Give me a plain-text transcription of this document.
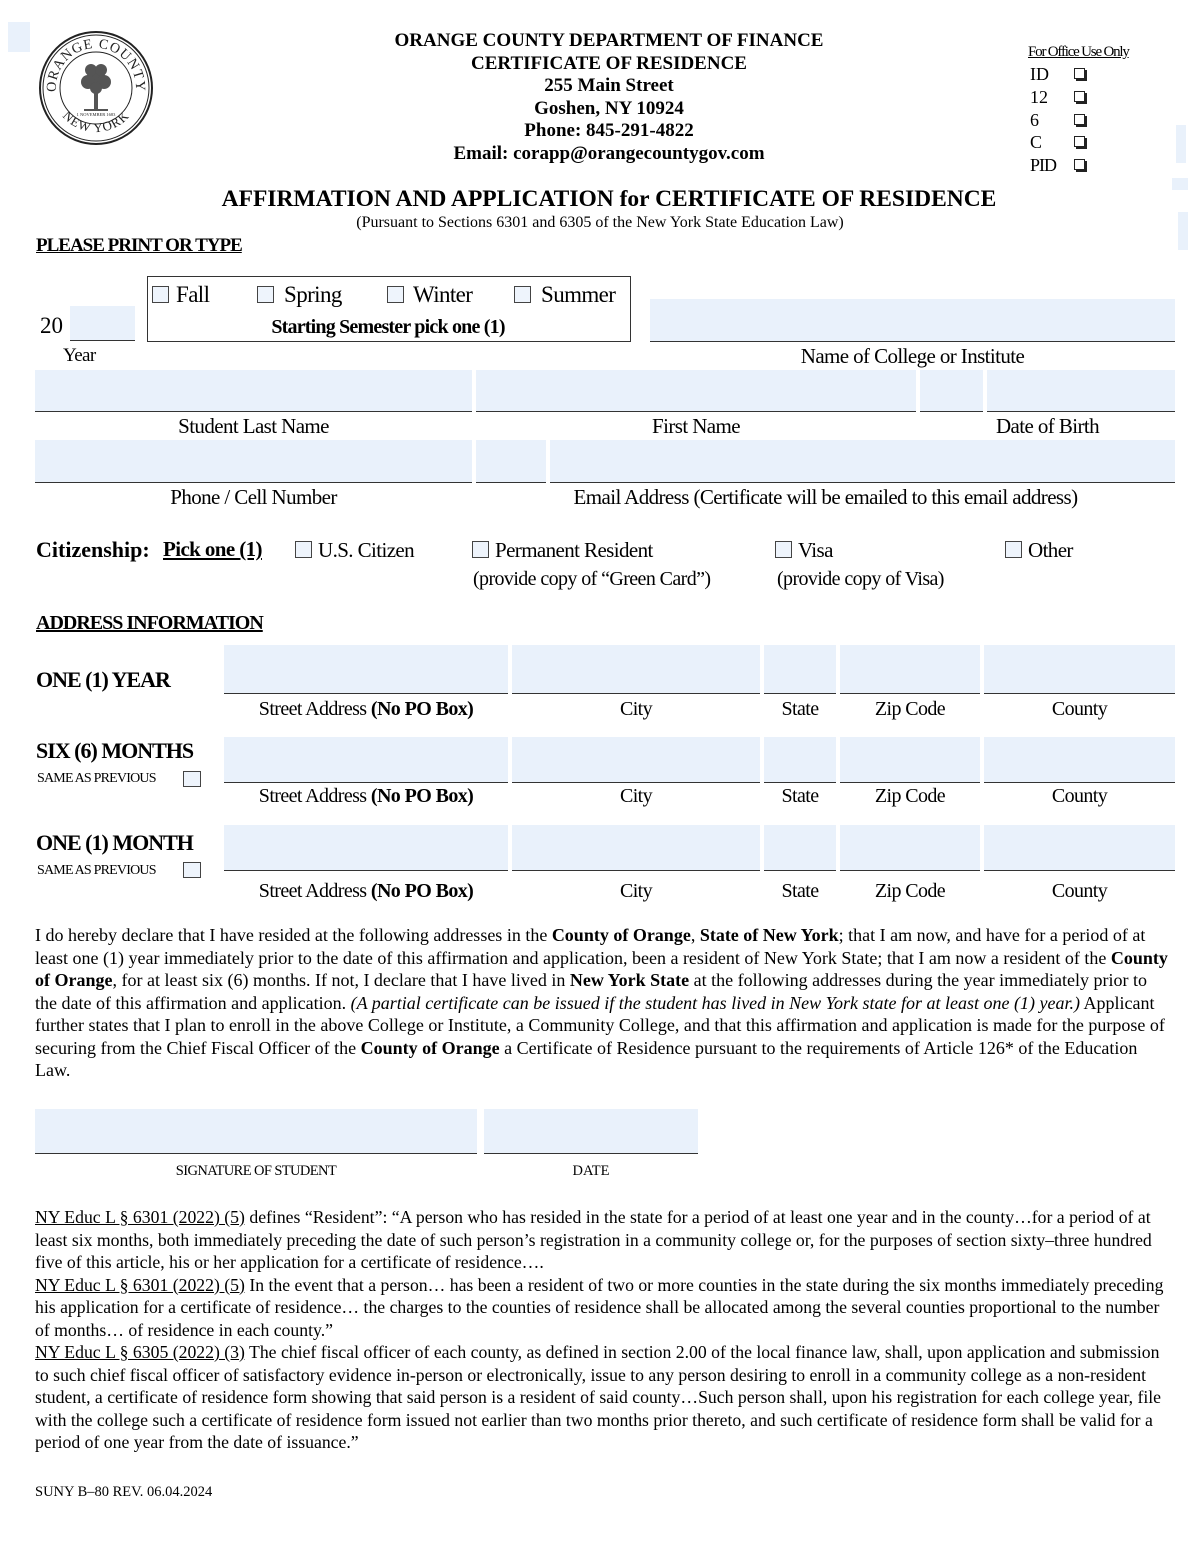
ORANGE COUNTY
NEW YORK
1 NOVEMBER 1683
ORANGE COUNTY DEPARTMENT OF FINANCE
CERTIFICATE OF RESIDENCE
255 Main Street
Goshen, NY 10924
Phone: 845-291-4822
Email: corapp@orangecountygov.com
For Office Use Only
ID
12
6
C
PID
AFFIRMATION AND APPLICATION for CERTIFICATE OF RESIDENCE
(Pursuant to Sections 6301 and 6305 of the New York State Education Law)
PLEASE PRINT OR TYPE
Fall	Spring	Winter	Summer
Starting Semester pick one (1)
20
Year	Name of College or Institute
Student Last Name	First Name	Date of Birth
Phone / Cell Number	Email Address (Certificate will be emailed to this email address)
Citizenship: Pick one (1)	U.S. Citizen	Permanent Resident
(provide copy of “Green Card”)
Visa
(provide copy of Visa)
Other
ADDRESS INFORMATION
ONE (1) YEAR
Street Address (No PO Box)	City	State	Zip Code	County
SIX (6) MONTHS
SAME AS PREVIOUS
Street Address (No PO Box)	City	State	Zip Code	County
ONE (1) MONTH
SAME AS PREVIOUS
Street Address (No PO Box)	City	State	Zip Code	County
I do hereby declare that I have resided at the following addresses in the County of Orange, State of New York; that I am now, and have for a period of at least one (1) year immediately prior to the date of this affirmation and application, been a resident of New York State; that I am now a resident of the County of Orange, for at least six (6) months. If not, I declare that I have lived in New York State at the following addresses during the year immediately prior to the date of this affirmation and application. (A partial certificate can be issued if the student has lived in New York state for at least one (1) year.) Applicant further states that I plan to enroll in the above College or Institute, a Community College, and that this affirmation and application is made for the purpose of securing from the Chief Fiscal Officer of the County of Orange a Certificate of Residence pursuant to the requirements of Article 126* of the Education Law.
SIGNATURE OF STUDENT	DATE
NY Educ L § 6301 (2022) (5) defines “Resident”: “A person who has resided in the state for a period of at least one year and in the county…for a period of at least six months, both immediately preceding the date of such person’s registration in a community college or, for the purposes of section sixty–three hundred five of this article, his or her application for a certificate of residence….
NY Educ L § 6301 (2022) (5) In the event that a person… has been a resident of two or more counties in the state during the six months immediately preceding his application for a certificate of residence… the charges to the counties of residence shall be allocated among the several counties proportional to the number of months… of residence in each county.”
NY Educ L § 6305 (2022) (3) The chief fiscal officer of each county, as defined in section 2.00 of the local finance law, shall, upon application and submission to such chief fiscal officer of satisfactory evidence in-person or electronically, issue to any person desiring to enroll in a community college as a non-resident student, a certificate of residence form showing that said person is a resident of said county…Such person shall, upon his registration for each college year, file with the college such a certificate of residence form issued not earlier than two months prior thereto, and such certificate of residence form shall be valid for a period of one year from the date of issuance.”
SUNY B–80 REV. 06.04.2024
